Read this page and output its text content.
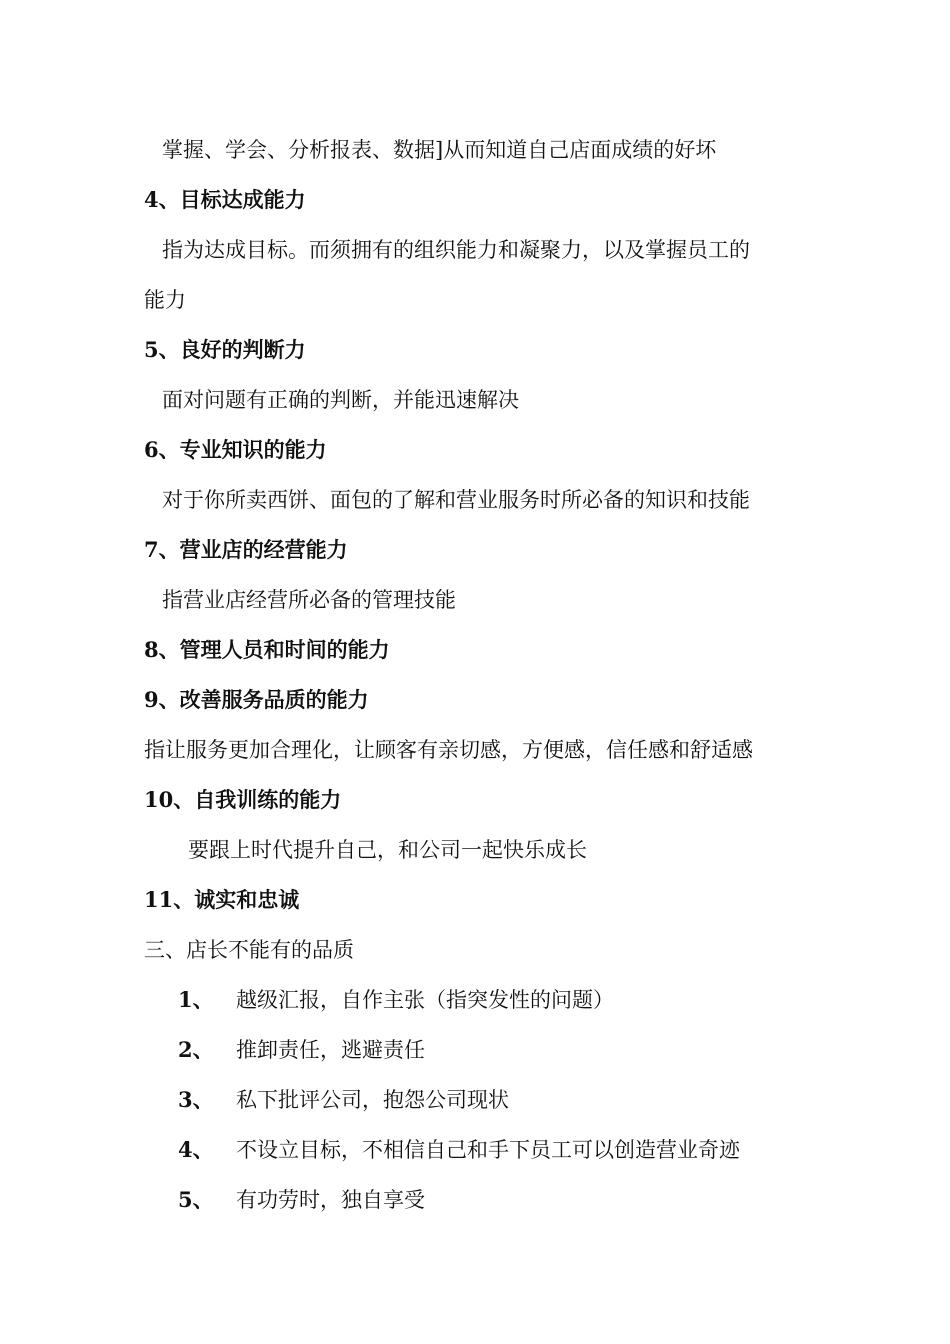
掌握、学会、分析报表、数据]从而知道自己店面成绩的好坏
4、目标达成能力
指为达成目标。而须拥有的组织能力和凝聚力，以及掌握员工的
能力
5、良好的判断力
面对问题有正确的判断，并能迅速解决
6、专业知识的能力
对于你所卖西饼、面包的了解和营业服务时所必备的知识和技能
7、营业店的经营能力
指营业店经营所必备的管理技能
8、管理人员和时间的能力
9、改善服务品质的能力
指让服务更加合理化，让顾客有亲切感，方便感，信任感和舒适感
10、自我训练的能力
要跟上时代提升自己，和公司一起快乐成长
11、诚实和忠诚
三、店长不能有的品质
1、 越级汇报，自作主张（指突发性的问题）
2、 推卸责任，逃避责任
3、 私下批评公司，抱怨公司现状
4、 不设立目标，不相信自己和手下员工可以创造营业奇迹
5、 有功劳时，独自享受
